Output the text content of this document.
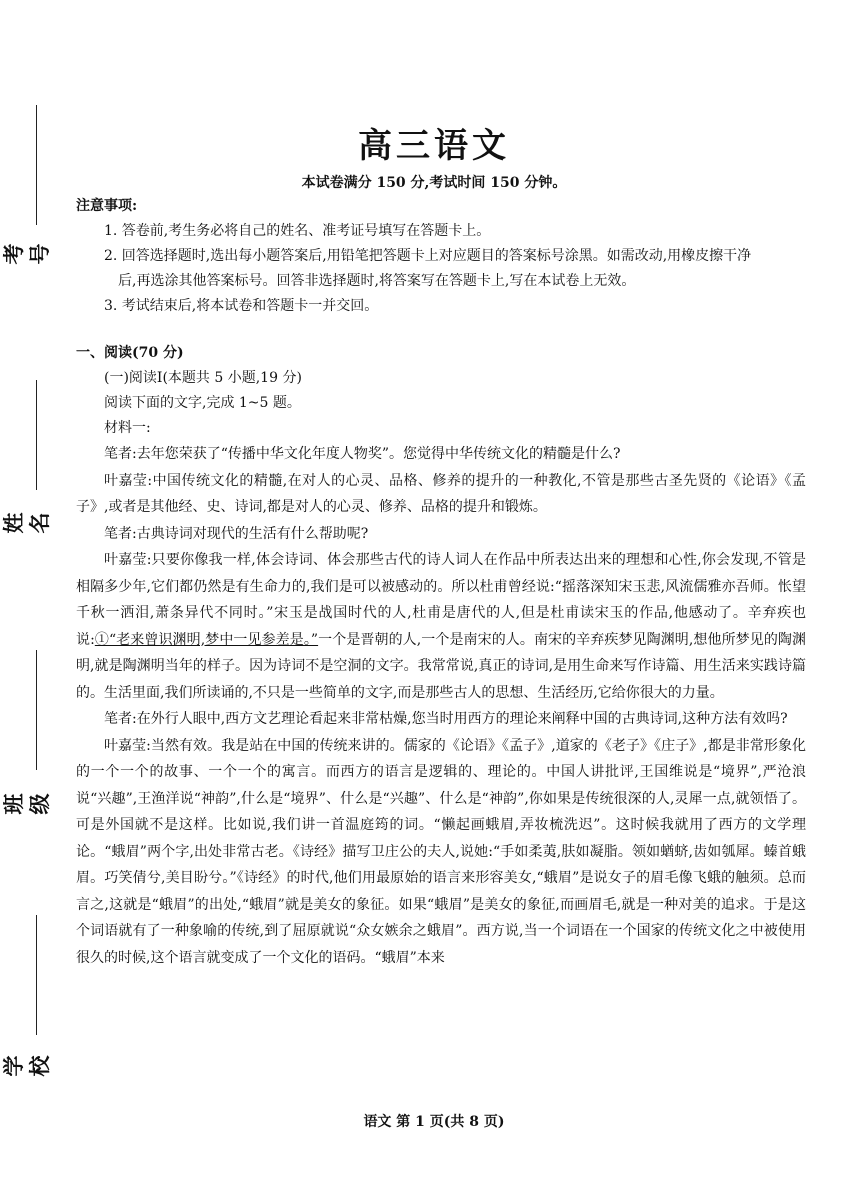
考号
姓名
班级
学校
高三语文
本试卷满分 150 分,考试时间 150 分钟。

注意事项:

1. 答卷前,考生务必将自己的姓名、准考证号填写在答题卡上。

2. 回答选择题时,选出每小题答案后,用铅笔把答题卡上对应题目的答案标号涂黑。如需改动,用橡皮擦干净

后,再选涂其他答案标号。回答非选择题时,将答案写在答题卡上,写在本试卷上无效。

3. 考试结束后,将本试卷和答题卡一并交回。

一、阅读(70 分)

(一)阅读Ⅰ(本题共 5 小题,19 分)

阅读下面的文字,完成 1~5 题。

材料一:

笔者:去年您荣获了“传播中华文化年度人物奖”。您觉得中华传统文化的精髓是什么?

叶嘉莹:中国传统文化的精髓,在对人的心灵、品格、修养的提升的一种教化,不管是那些古圣先贤的《论语》《孟子》,或者是其他经、史、诗词,都是对人的心灵、修养、品格的提升和锻炼。

笔者:古典诗词对现代的生活有什么帮助呢?

叶嘉莹:只要你像我一样,体会诗词、体会那些古代的诗人词人在作品中所表达出来的理想和心性,你会发现,不管是相隔多少年,它们都仍然是有生命力的,我们是可以被感动的。所以杜甫曾经说:“摇落深知宋玉悲,风流儒雅亦吾师。怅望千秋一洒泪,萧条异代不同时。”宋玉是战国时代的人,杜甫是唐代的人,但是杜甫读宋玉的作品,他感动了。辛弃疾也说:①“老来曾识渊明,梦中一见参差是。”一个是晋朝的人,一个是南宋的人。南宋的辛弃疾梦见陶渊明,想他所梦见的陶渊明,就是陶渊明当年的样子。因为诗词不是空洞的文字。我常常说,真正的诗词,是用生命来写作诗篇、用生活来实践诗篇的。生活里面,我们所读诵的,不只是一些简单的文字,而是那些古人的思想、生活经历,它给你很大的力量。

笔者:在外行人眼中,西方文艺理论看起来非常枯燥,您当时用西方的理论来阐释中国的古典诗词,这种方法有效吗?

叶嘉莹:当然有效。我是站在中国的传统来讲的。儒家的《论语》《孟子》,道家的《老子》《庄子》,都是非常形象化的一个一个的故事、一个一个的寓言。而西方的语言是逻辑的、理论的。中国人讲批评,王国维说是“境界”,严沧浪说“兴趣”,王渔洋说“神韵”,什么是“境界”、什么是“兴趣”、什么是“神韵”,你如果是传统很深的人,灵犀一点,就领悟了。可是外国就不是这样。比如说,我们讲一首温庭筠的词。“懒起画蛾眉,弄妆梳洗迟”。这时候我就用了西方的文学理论。“蛾眉”两个字,出处非常古老。《诗经》描写卫庄公的夫人,说她:“手如柔荑,肤如凝脂。领如蝤蛴,齿如瓠犀。螓首蛾眉。巧笑倩兮,美目盼兮。”《诗经》的时代,他们用最原始的语言来形容美女,“蛾眉”是说女子的眉毛像飞蛾的触须。总而言之,这就是“蛾眉”的出处,“蛾眉”就是美女的象征。如果“蛾眉”是美女的象征,而画眉毛,就是一种对美的追求。于是这个词语就有了一种象喻的传统,到了屈原就说“众女嫉余之蛾眉”。西方说,当一个词语在一个国家的传统文化之中被使用很久的时候,这个语言就变成了一个文化的语码。“蛾眉”本来

语文 第 1 页(共 8 页)
